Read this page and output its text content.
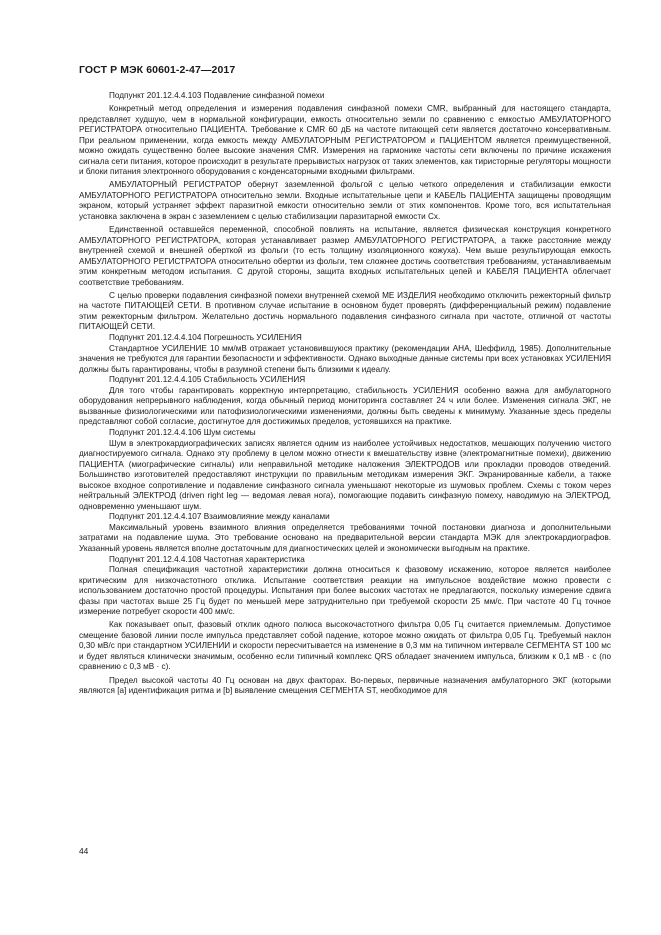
ГОСТ Р МЭК 60601-2-47—2017

Подпункт 201.12.4.4.103 Подавление синфазной помехи

Конкретный метод определения и измерения подавления синфазной помехи CMR, выбранный для настоящего стандарта, представляет худшую, чем в нормальной конфигурации, емкость относительно земли по сравнению с емкостью АМБУЛАТОРНОГО РЕГИСТРАТОРА относительно ПАЦИЕНТА. Требование к CMR 60 дБ на частоте питающей сети является достаточно консервативным. При реальном применении, когда емкость между АМБУЛАТОРНЫМ РЕГИСТРАТОРОМ и ПАЦИЕНТОМ является преимущественной, можно ожидать существенно более высокие значения CMR. Измерения на гармонике частоты сети включены по причине искажения сигнала сети питания, которое происходит в результате прерывистых нагрузок от таких элементов, как тиристорные регуляторы мощности и блоки питания электронного оборудования с конденсаторными входными фильтрами.

АМБУЛАТОРНЫЙ РЕГИСТРАТОР обернут заземленной фольгой с целью четкого определения и стабилизации емкости АМБУЛАТОРНОГО РЕГИСТРАТОРА относительно земли. Входные испытательные цепи и КАБЕЛЬ ПАЦИЕНТА защищены проводящим экраном, который устраняет эффект паразитной емкости относительно земли от этих компонентов. Кроме того, вся испытательная установка заключена в экран с заземлением с целью стабилизации паразитарной емкости Cx.

Единственной оставшейся переменной, способной повлиять на испытание, является физическая конструкция конкретного АМБУЛАТОРНОГО РЕГИСТРАТОРА, которая устанавливает размер АМБУЛАТОРНОГО РЕГИСТРАТОРА, а также расстояние между внутренней схемой и внешней оберткой из фольги (то есть толщину изоляционного кожуха). Чем выше результирующая емкость АМБУЛАТОРНОГО РЕГИСТРАТОРА относительно обертки из фольги, тем сложнее достичь соответствия требованиям, устанавливаемым этим конкретным методом испытания. С другой стороны, защита входных испытательных цепей и КАБЕЛЯ ПАЦИЕНТА облегчает соответствие требованиям.

С целью проверки подавления синфазной помехи внутренней схемой МЕ ИЗДЕЛИЯ необходимо отключить режекторный фильтр на частоте ПИТАЮЩЕЙ СЕТИ. В противном случае испытание в основном будет проверять (дифференциальный режим) подавление этим режекторным фильтром. Желательно достичь нормального подавления синфазного сигнала при частоте, отличной от частоты ПИТАЮЩЕЙ СЕТИ.

Подпункт 201.12.4.4.104 Погрешность УСИЛЕНИЯ

Стандартное УСИЛЕНИЕ 10 мм/мВ отражает установившуюся практику (рекомендации АНА, Шеффилд, 1985). Дополнительные значения не требуются для гарантии безопасности и эффективности. Однако выходные данные системы при всех установках УСИЛЕНИЯ должны быть гарантированы, чтобы в разумной степени быть близкими к идеалу.

Подпункт 201.12.4.4.105 Стабильность УСИЛЕНИЯ

Для того чтобы гарантировать корректную интерпретацию, стабильность УСИЛЕНИЯ особенно важна для амбулаторного оборудования непрерывного наблюдения, когда обычный период мониторинга составляет 24 ч или более. Изменения сигнала ЭКГ, не вызванные физиологическими или патофизиологическими изменениями, должны быть сведены к минимуму. Указанные здесь пределы представляют собой согласие, достигнутое для достижимых пределов, устоявшихся на практике.

Подпункт 201.12.4.4.106 Шум системы

Шум в электрокардиографических записях является одним из наиболее устойчивых недостатков, мешающих получению чистого диагностируемого сигнала. Однако эту проблему в целом можно отнести к вмешательству извне (электромагнитные помехи), движению ПАЦИЕНТА (миографические сигналы) или неправильной методике наложения ЭЛЕКТРОДОВ или прокладки проводов отведений. Большинство изготовителей предоставляют инструкции по правильным методикам измерения ЭКГ. Экранированные кабели, а также высокое входное сопротивление и подавление синфазного сигнала уменьшают некоторые из шумовых проблем. Схемы с током через нейтральный ЭЛЕКТРОД (driven right leg — ведомая левая нога), помогающие подавить синфазную помеху, наводимую на ЭЛЕКТРОД, одновременно уменьшают шум.

Подпункт 201.12.4.4.107 Взаимовлияние между каналами

Максимальный уровень взаимного влияния определяется требованиями точной постановки диагноза и дополнительными затратами на подавление шума. Это требование основано на предварительной версии стандарта МЭК для электрокардиографов. Указанный уровень является вполне достаточным для диагностических целей и экономически выгодным на практике.

Подпункт 201.12.4.4.108 Частотная характеристика

Полная спецификация частотной характеристики должна относиться к фазовому искажению, которое является наиболее критическим для низкочастотного отклика. Испытание соответствия реакции на импульсное воздействие можно провести с использованием достаточно простой процедуры. Испытания при более высоких частотах не предлагаются, поскольку измерение сдвига фазы при частотах выше 25 Гц будет по меньшей мере затруднительно при требуемой скорости 25 мм/с. При частоте 40 Гц точное измерение потребует скорости 400 мм/с.

Как показывает опыт, фазовый отклик одного полюса высокочастотного фильтра 0,05 Гц считается приемлемым. Допустимое смещение базовой линии после импульса представляет собой падение, которое можно ожидать от фильтра 0,05 Гц. Требуемый наклон 0,30 мВ/с при стандартном УСИЛЕНИИ и скорости пересчитывается на изменение в 0,3 мм на типичном интервале СЕГМЕНТА ST 100 мс и будет являться клинически значимым, особенно если типичный комплекс QRS обладает значением импульса, близким к 0,1 мВ · с (по сравнению с 0,3 мВ · с).

Предел высокой частоты 40 Гц основан на двух факторах. Во-первых, первичные назначения амбулаторного ЭКГ (которыми являются [a] идентификация ритма и [b] выявление смещения СЕГМЕНТА ST, необходимое для

44
